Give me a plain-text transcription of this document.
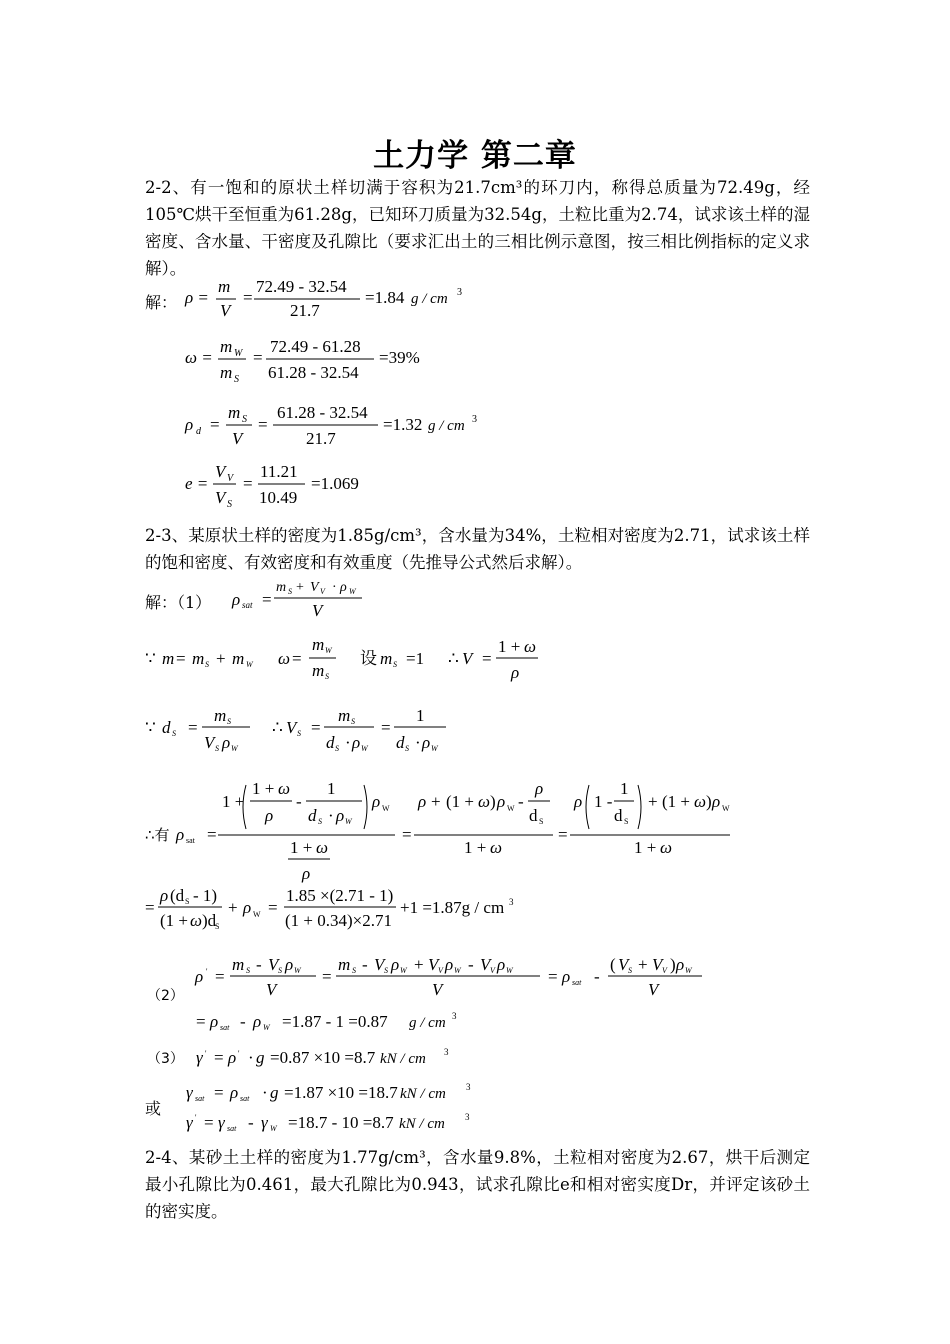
土力学 第二章
2-2、有一饱和的原状土样切满于容积为21.7cm³的环刀内，称得总质量为72.49g，经105℃烘干至恒重为61.28g，已知环刀质量为32.54g，土粒比重为2.74，试求该土样的湿密度、含水量、干密度及孔隙比（要求汇出土的三相比例示意图，按三相比例指标的定义求解）。
解： ρ =
m
V
=
72.49 - 32.54
21.7
=1.84 g / cm 3
ω =
m W
m S
=
72.49 - 61.28
61.28 - 32.54
=39%
ρ d =
m S
V
=
61.28 - 32.54
21.7
=1.32 g / cm 3
e =
V V
V S
=
11.21
10.49
=1.069
2-3、某原状土样的密度为1.85g/cm³，含水量为34%，土粒相对密度为2.71，试求该土样的饱和密度、有效密度和有效重度（先推导公式然后求解）。
解：（1） ρ sat =
m S + V V · ρ W
V
∵ m = m S + m W ω =
m W
m S
设 m S =1 ∴ V =
1 + ω
ρ
∵ d S =
m S
V S ρ W
∴ V S =
m S
d S · ρ W
=
1
d S · ρ W
∴有 ρ sat =
1 +
1 + ω
ρ
-
1
d S · ρ W
ρ W
1 + ω
ρ
=
ρ + (1 + ω ) ρ W -
ρ
d S
1 + ω
=
ρ 1 -
1
d S
+ (1 + ω ) ρ W
1 + ω
=
ρ (d S - 1)
(1 + ω )d
S
+ ρ W =
1.85 ×(2.71 - 1)
(1 + 0.34)×2.71
+1 =1.87g / cm 3
（2）
ρ ' =
m S - V S ρ W
V
=
m S - V S ρ W + V V ρ W - V V ρ W
V
= ρ sat -
( V S + V V ) ρ W
V
= ρ sat - ρ W =1.87 - 1 =0.87 g / cm 3
（3） γ ' = ρ ' · g =0.87 ×10 =8.7 kN / cm 3
或
γ sat = ρ sat · g =1.87 ×10 =18.7 kN / cm 3
γ ' = γ sat - γ W =18.7 - 10 =8.7 kN / cm 3
2-4、某砂土土样的密度为1.77g/cm³，含水量9.8%，土粒相对密度为2.67，烘干后测定最小孔隙比为0.461，最大孔隙比为0.943，试求孔隙比e和相对密实度Dr，并评定该砂土的密实度。
